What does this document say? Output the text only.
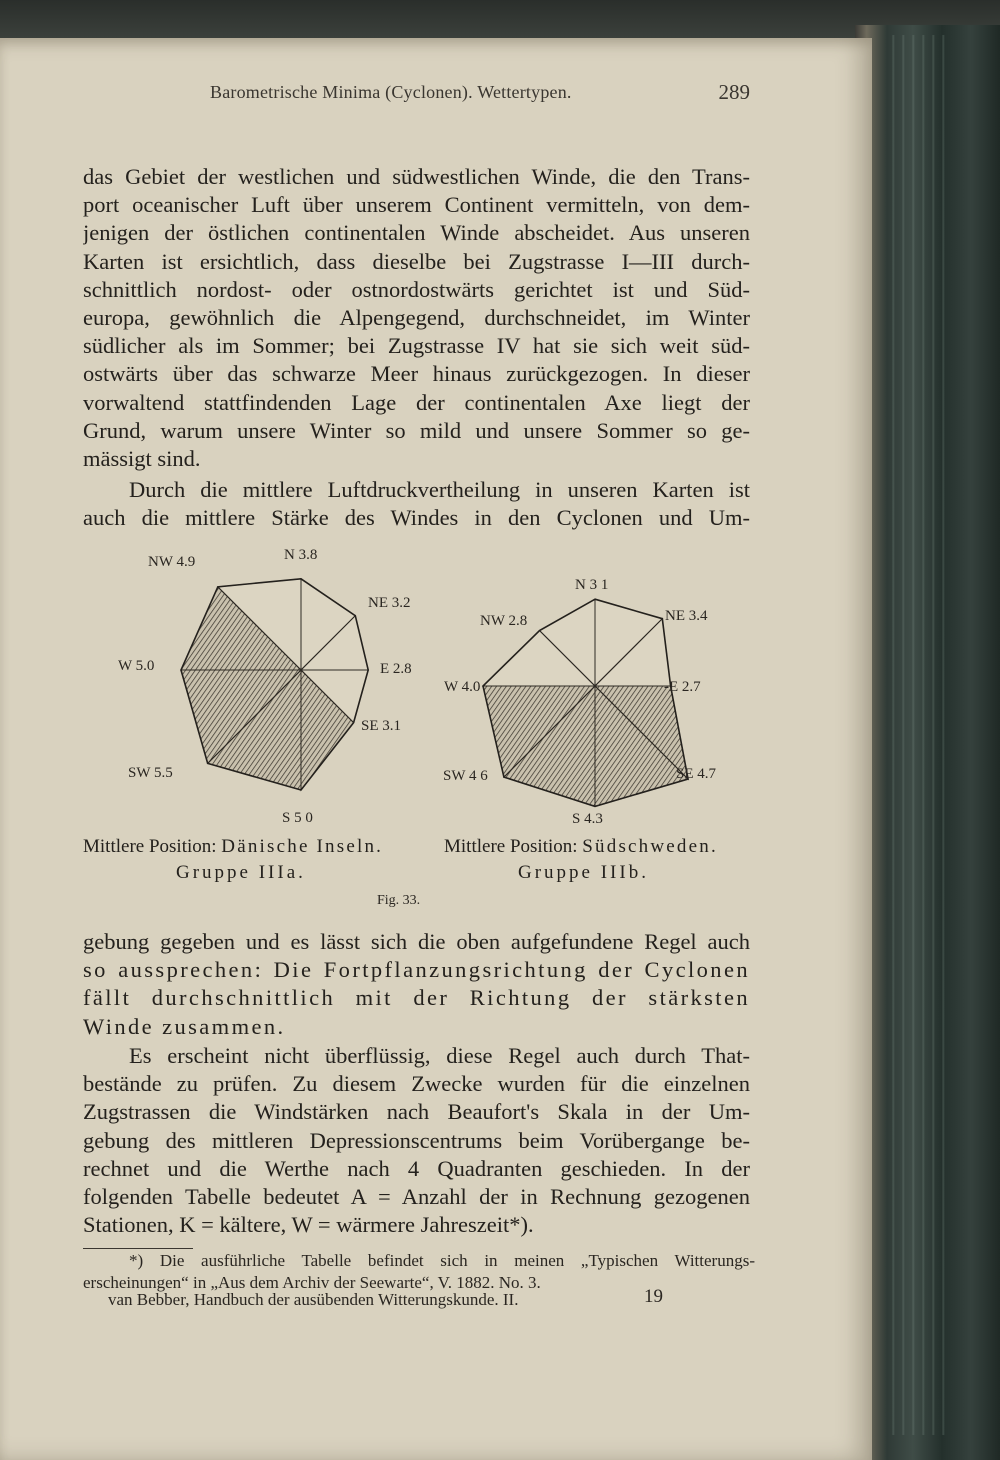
Barometrische Minima (Cyclonen). Wettertypen.	289
das Gebiet der westlichen und südwestlichen Winde, die den Trans-
port oceanischer Luft über unserem Continent vermitteln, von dem-
jenigen der östlichen continentalen Winde abscheidet. Aus unseren
Karten ist ersichtlich, dass dieselbe bei Zugstrasse I—III durch-
schnittlich nordost- oder ostnordostwärts gerichtet ist und Süd-
europa, gewöhnlich die Alpengegend, durchschneidet, im Winter
südlicher als im Sommer; bei Zugstrasse IV hat sie sich weit süd-
ostwärts über das schwarze Meer hinaus zurückgezogen. In dieser
vorwaltend stattfindenden Lage der continentalen Axe liegt der
Grund, warum unsere Winter so mild und unsere Sommer so ge-
mässigt sind.
Durch die mittlere Luftdruckvertheilung in unseren Karten ist
auch die mittlere Stärke des Windes in den Cyclonen und Um-
NW 4.9	N 3.8
NE 3.2
E 2.8
SE 3.1
S 5 0
SW 5.5
W 5.0
N 3 1
NW 2.8	NE 3.4
W 4.0	-E 2.7
SW 4 6	SE 4.7
S 4.3
Mittlere Position: Dänische Inseln.
Gruppe IIIa.
Mittlere Position: Südschweden.
Gruppe IIIb.
Fig. 33.
gebung gegeben und es lässt sich die oben aufgefundene Regel auch
so aussprechen: Die Fortpflanzungsrichtung der Cyclonen
fällt durchschnittlich mit der Richtung der stärksten
Winde zusammen.
Es erscheint nicht überflüssig, diese Regel auch durch That-
bestände zu prüfen. Zu diesem Zwecke wurden für die einzelnen
Zugstrassen die Windstärken nach Beaufort's Skala in der Um-
gebung des mittleren Depressionscentrums beim Vorübergange be-
rechnet und die Werthe nach 4 Quadranten geschieden. In der
folgenden Tabelle bedeutet A = Anzahl der in Rechnung gezogenen
Stationen, K = kältere, W = wärmere Jahreszeit*).
*) Die ausführliche Tabelle befindet sich in meinen „Typischen Witterungs-
erscheinungen“ in „Aus dem Archiv der Seewarte“, V. 1882. No. 3.
van Bebber, Handbuch der ausübenden Witterungskunde. II.	19
